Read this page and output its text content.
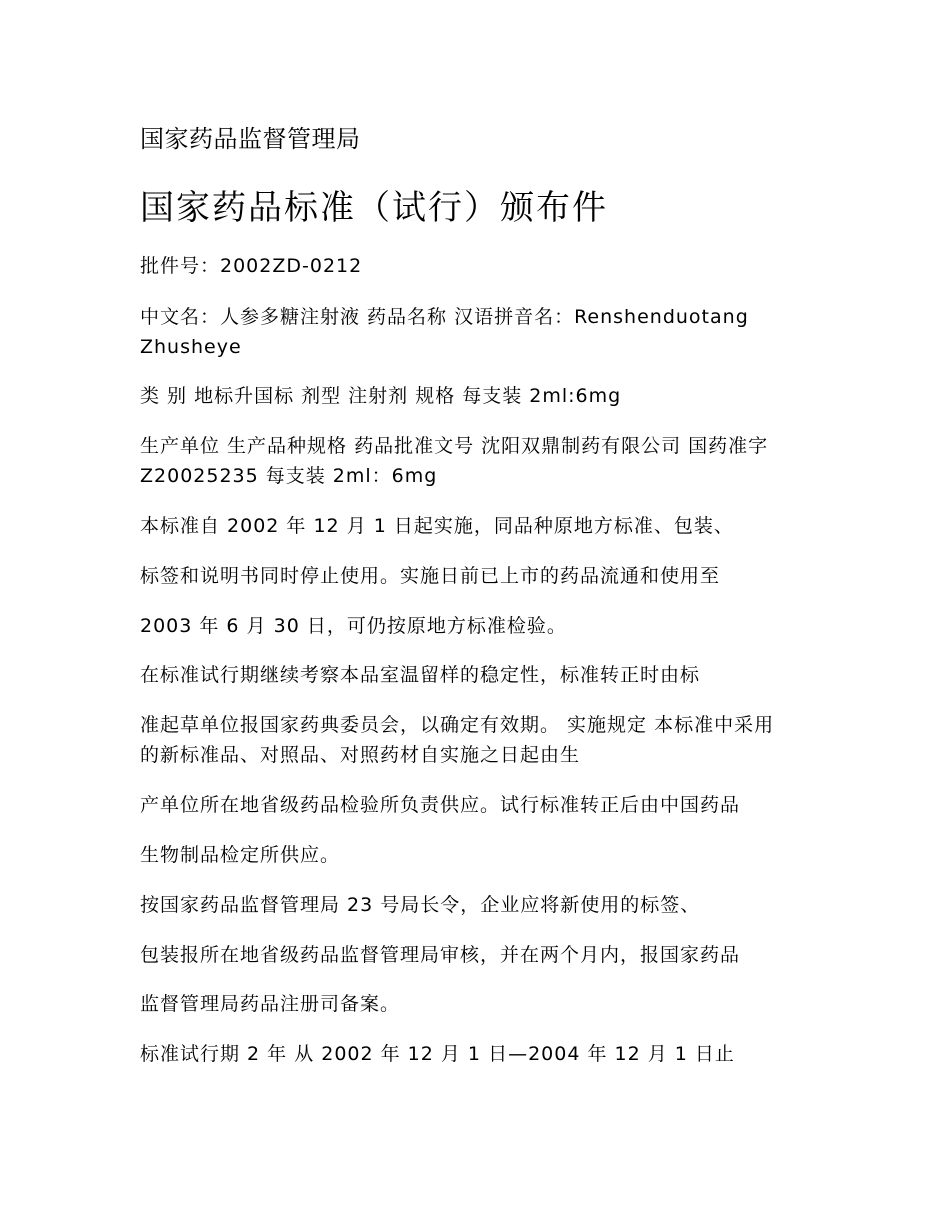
国家药品监督管理局
国家药品标准（试行）颁布件
批件号：2002ZD-0212
中文名：人参多糖注射液 药品名称 汉语拼音名：Renshenduotang
Zhusheye
类 别 地标升国标 剂型 注射剂 规格 每支装 2ml:6mg
生产单位 生产品种规格 药品批准文号 沈阳双鼎制药有限公司 国药准字
Z20025235 每支装 2ml：6mg
本标准自 2002 年 12 月 1 日起实施，同品种原地方标准、包装、
标签和说明书同时停止使用。实施日前已上市的药品流通和使用至
2003 年 6 月 30 日，可仍按原地方标准检验。
在标准试行期继续考察本品室温留样的稳定性，标准转正时由标
准起草单位报国家药典委员会，以确定有效期。 实施规定 本标准中采用
的新标准品、对照品、对照药材自实施之日起由生
产单位所在地省级药品检验所负责供应。试行标准转正后由中国药品
生物制品检定所供应。
按国家药品监督管理局 23 号局长令，企业应将新使用的标签、
包装报所在地省级药品监督管理局审核，并在两个月内，报国家药品
监督管理局药品注册司备案。
标准试行期 2 年 从 2002 年 12 月 1 日—2004 年 12 月 1 日止
